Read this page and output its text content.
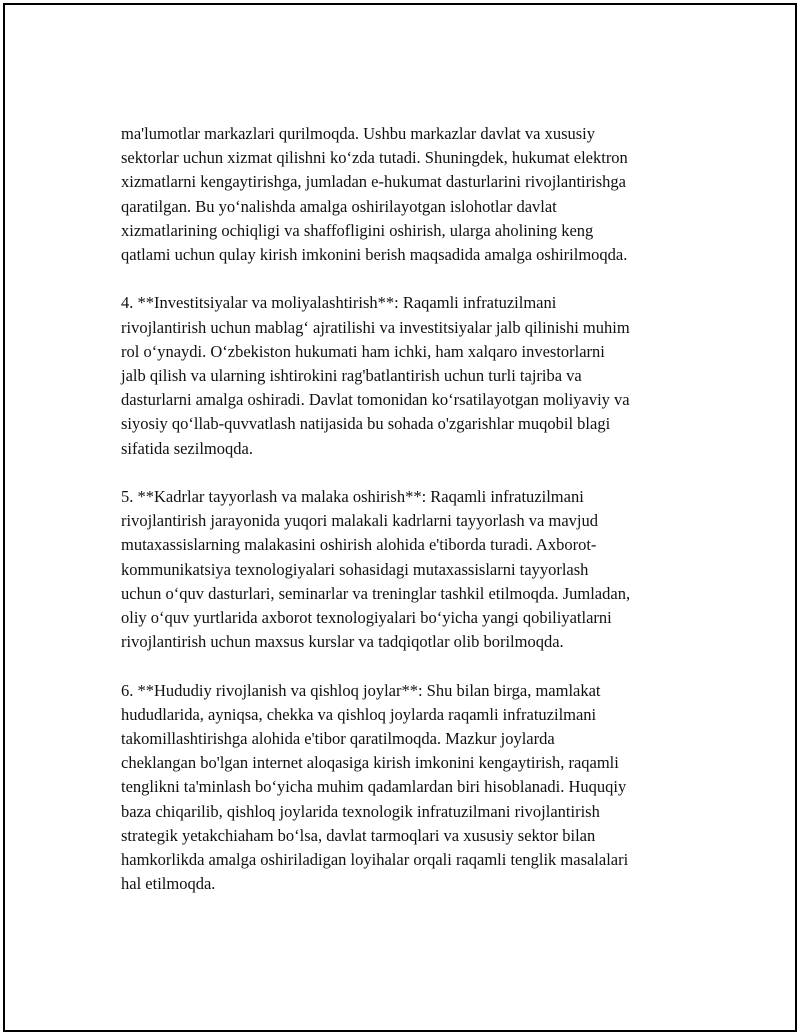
ma'lumotlar markazlari qurilmoqda. Ushbu markazlar davlat va xususiy
sektorlar uchun xizmat qilishni ko‘zda tutadi. Shuningdek, hukumat elektron
xizmatlarni kengaytirishga, jumladan e-hukumat dasturlarini rivojlantirishga
qaratilgan. Bu yo‘nalishda amalga oshirilayotgan islohotlar davlat
xizmatlarining ochiqligi va shaffofligini oshirish, ularga aholining keng
qatlami uchun qulay kirish imkonini berish maqsadida amalga oshirilmoqda.

4. **Investitsiyalar va moliyalashtirish**: Raqamli infratuzilmani
rivojlantirish uchun mablag‘ ajratilishi va investitsiyalar jalb qilinishi muhim
rol o‘ynaydi. O‘zbekiston hukumati ham ichki, ham xalqaro investorlarni
jalb qilish va ularning ishtirokini rag'batlantirish uchun turli tajriba va
dasturlarni amalga oshiradi. Davlat tomonidan ko‘rsatilayotgan moliyaviy va
siyosiy qo‘llab-quvvatlash natijasida bu sohada o'zgarishlar muqobil blagi
sifatida sezilmoqda.

5. **Kadrlar tayyorlash va malaka oshirish**: Raqamli infratuzilmani
rivojlantirish jarayonida yuqori malakali kadrlarni tayyorlash va mavjud
mutaxassislarning malakasini oshirish alohida e'tiborda turadi. Axborot-
kommunikatsiya texnologiyalari sohasidagi mutaxassislarni tayyorlash
uchun o‘quv dasturlari, seminarlar va treninglar tashkil etilmoqda. Jumladan,
oliy o‘quv yurtlarida axborot texnologiyalari bo‘yicha yangi qobiliyatlarni
rivojlantirish uchun maxsus kurslar va tadqiqotlar olib borilmoqda.

6. **Hududiy rivojlanish va qishloq joylar**: Shu bilan birga, mamlakat
hududlarida, ayniqsa, chekka va qishloq joylarda raqamli infratuzilmani
takomillashtirishga alohida e'tibor qaratilmoqda. Mazkur joylarda
cheklangan bo'lgan internet aloqasiga kirish imkonini kengaytirish, raqamli
tenglikni ta'minlash bo‘yicha muhim qadamlardan biri hisoblanadi. Huquqiy
baza chiqarilib, qishloq joylarida texnologik infratuzilmani rivojlantirish
strategik yetakchiaham bo‘lsa, davlat tarmoqlari va xususiy sektor bilan
hamkorlikda amalga oshiriladigan loyihalar orqali raqamli tenglik masalalari
hal etilmoqda.
